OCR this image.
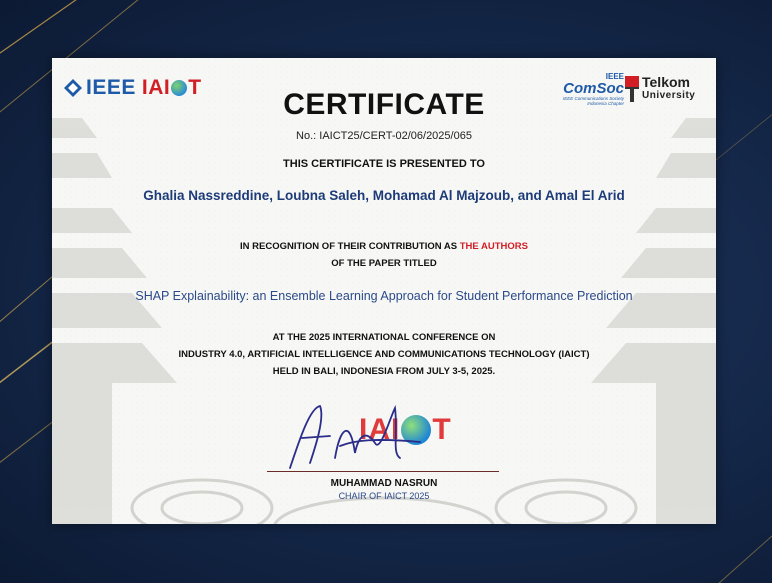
IEEE IAI T	IEEE
ComSoc
IEEE Communications Society Indonesia Chapter
Telkom
University
CERTIFICATE
No.: IAICT25/CERT-02/06/2025/065
THIS CERTIFICATE IS PRESENTED TO
Ghalia Nassreddine, Loubna Saleh, Mohamad Al Majzoub, and Amal El Arid
IN RECOGNITION OF THEIR CONTRIBUTION AS THE AUTHORS
OF THE PAPER TITLED
SHAP Explainability: an Ensemble Learning Approach for Student Performance Prediction
AT THE 2025 INTERNATIONAL CONFERENCE ON
INDUSTRY 4.0, ARTIFICIAL INTELLIGENCE AND COMMUNICATIONS TECHNOLOGY (IAICT)
HELD IN BALI, INDONESIA FROM JULY 3-5, 2025.
IAI T
MUHAMMAD NASRUN
CHAIR OF IAICT 2025
